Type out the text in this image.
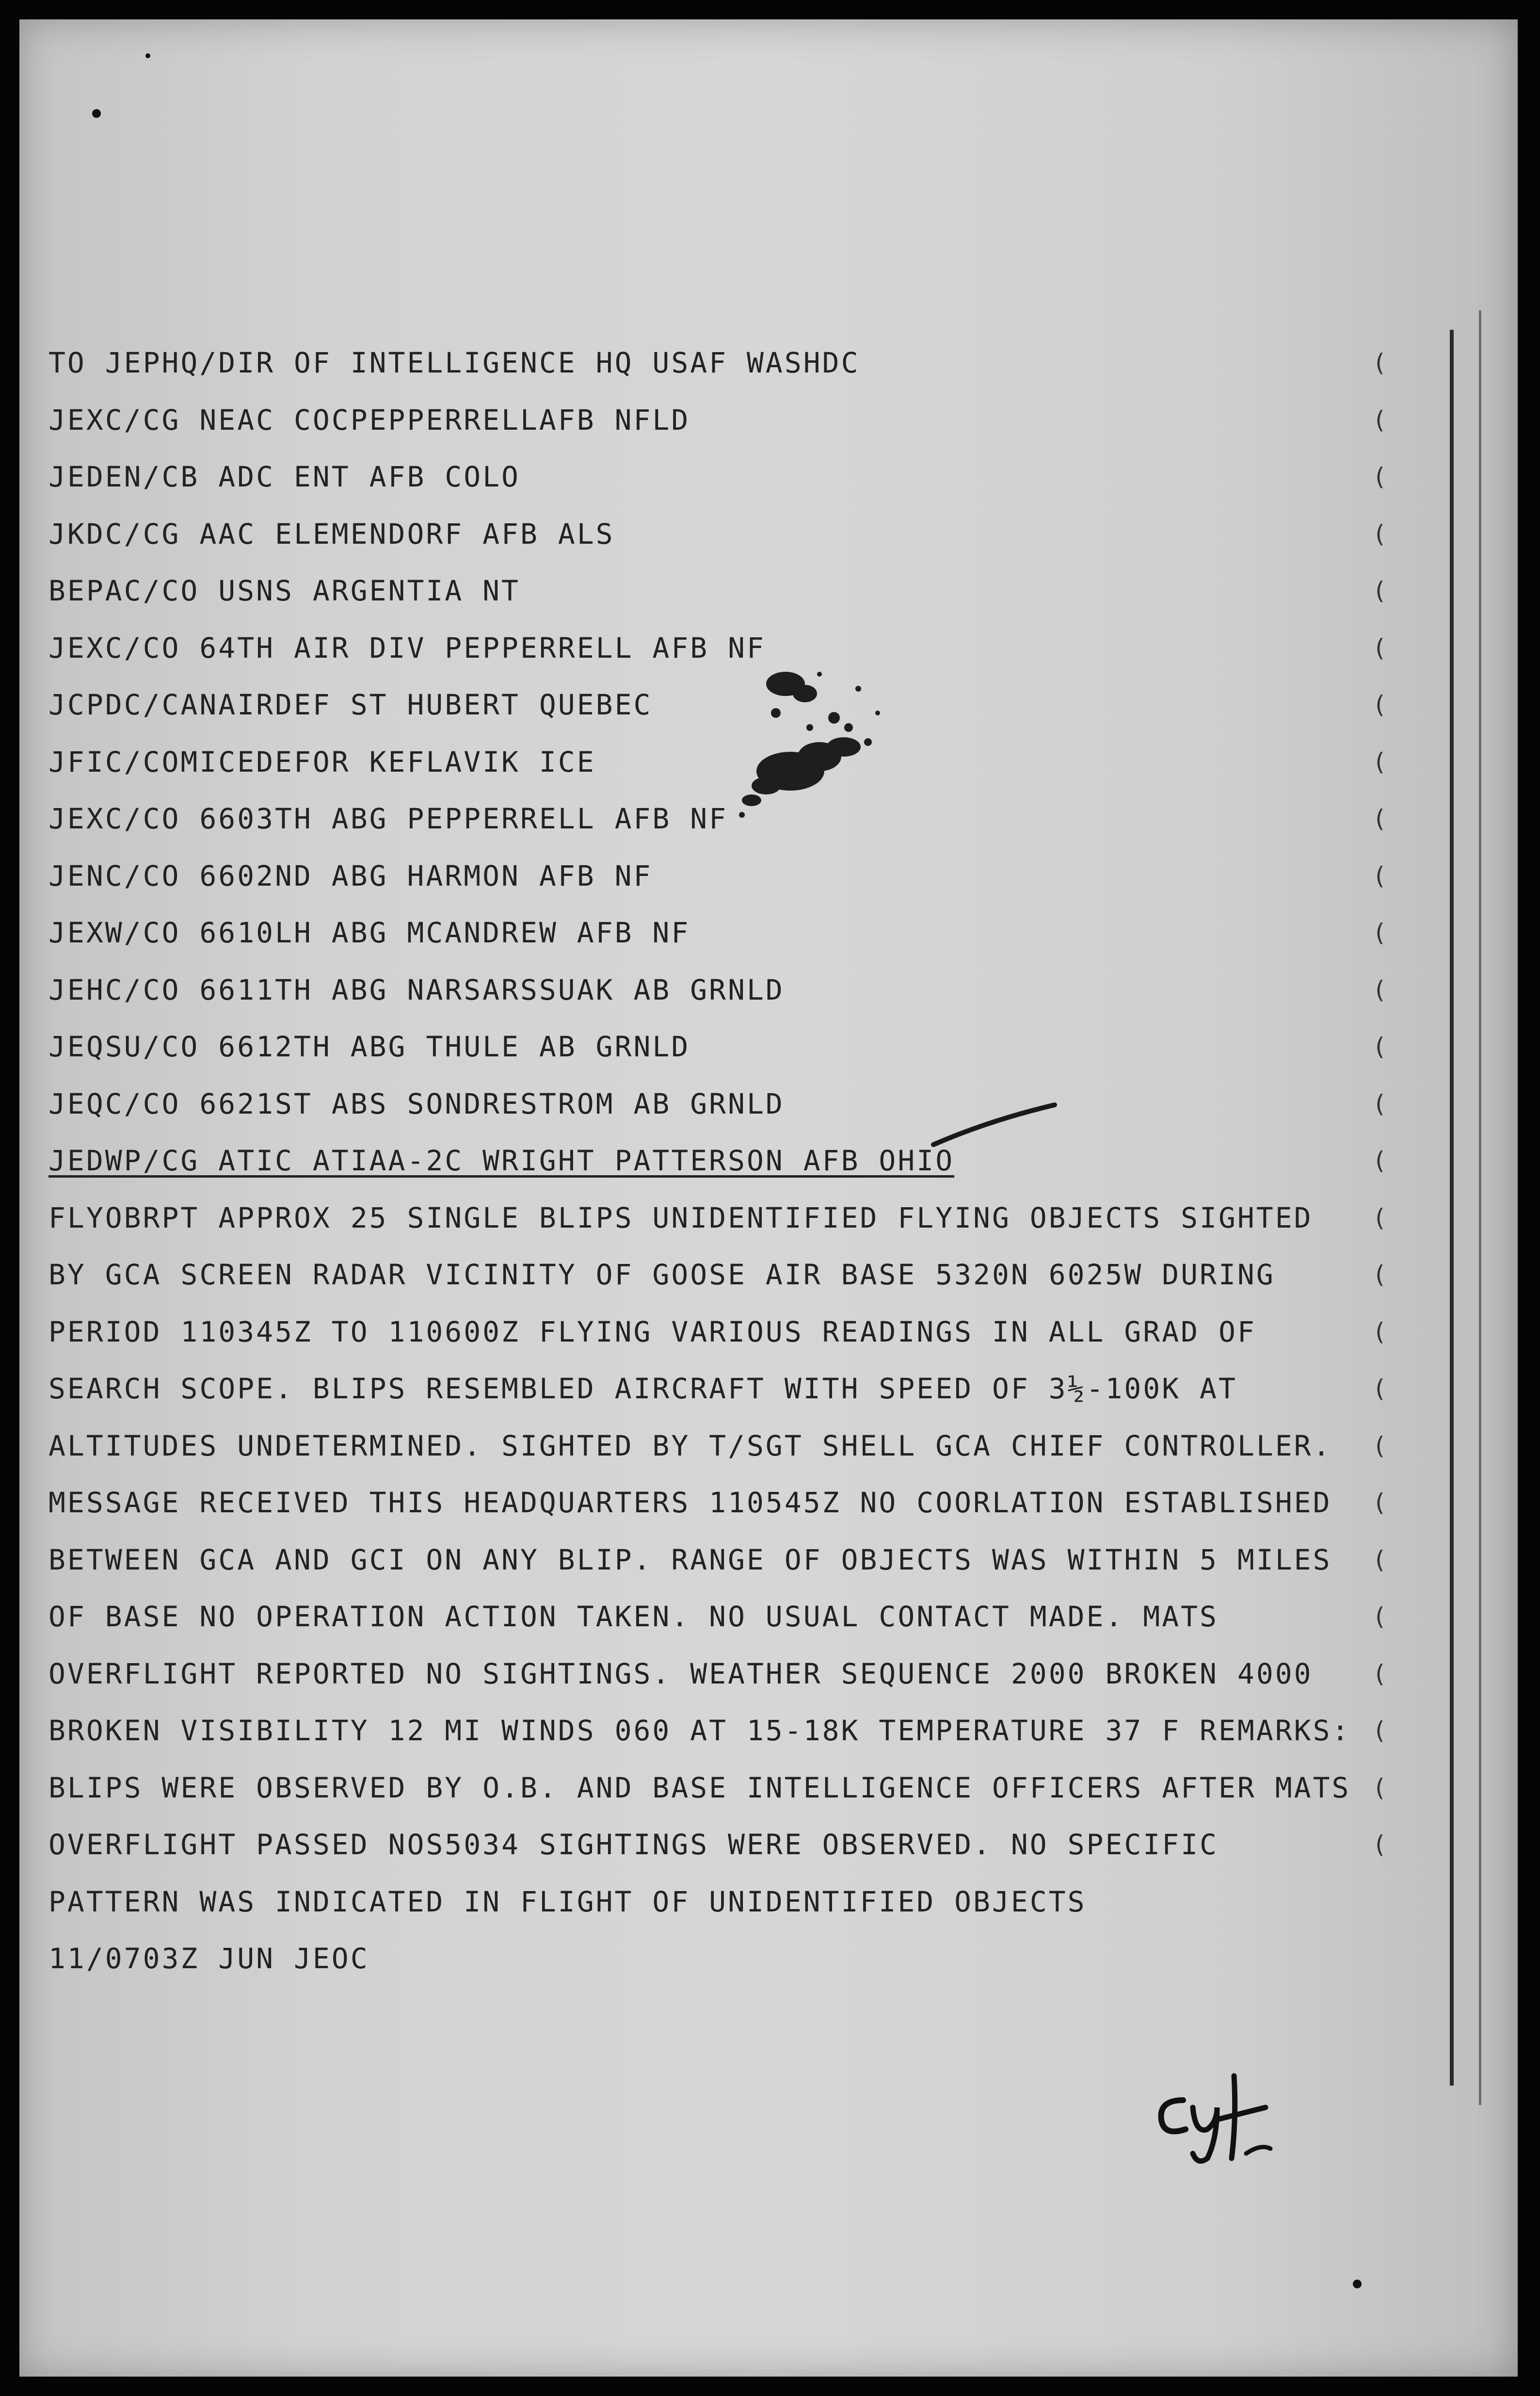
TO JEPHQ/DIR OF INTELLIGENCE HQ USAF WASHDC
JEXC/CG NEAC COCPEPPERRELLAFB NFLD
JEDEN/CB ADC ENT AFB COLO
JKDC/CG AAC ELEMENDORF AFB ALS
BEPAC/CO USNS ARGENTIA NT
JEXC/CO 64TH AIR DIV PEPPERRELL AFB NF
JCPDC/CANAIRDEF ST HUBERT QUEBEC
JFIC/COMICEDEFOR KEFLAVIK ICE
JEXC/CO 6603TH ABG PEPPERRELL AFB NF
JENC/CO 6602ND ABG HARMON AFB NF
JEXW/CO 6610LH ABG MCANDREW AFB NF
JEHC/CO 6611TH ABG NARSARSSUAK AB GRNLD
JEQSU/CO 6612TH ABG THULE AB GRNLD
JEQC/CO 6621ST ABS SONDRESTROM AB GRNLD
JEDWP/CG ATIC ATIAA-2C WRIGHT PATTERSON AFB OHIO
FLYOBRPT APPROX 25 SINGLE BLIPS UNIDENTIFIED FLYING OBJECTS SIGHTED
BY GCA SCREEN RADAR VICINITY OF GOOSE AIR BASE 5320N 6025W DURING
PERIOD 110345Z TO 110600Z FLYING VARIOUS READINGS IN ALL GRAD OF
SEARCH SCOPE. BLIPS RESEMBLED AIRCRAFT WITH SPEED OF 3½-100K AT
ALTITUDES UNDETERMINED. SIGHTED BY T/SGT SHELL GCA CHIEF CONTROLLER.
MESSAGE RECEIVED THIS HEADQUARTERS 110545Z NO COORLATION ESTABLISHED
BETWEEN GCA AND GCI ON ANY BLIP. RANGE OF OBJECTS WAS WITHIN 5 MILES
OF BASE NO OPERATION ACTION TAKEN. NO USUAL CONTACT MADE. MATS
OVERFLIGHT REPORTED NO SIGHTINGS. WEATHER SEQUENCE 2000 BROKEN 4000
BROKEN VISIBILITY 12 MI WINDS 060 AT 15-18K TEMPERATURE 37 F REMARKS:
BLIPS WERE OBSERVED BY O.B. AND BASE INTELLIGENCE OFFICERS AFTER MATS
OVERFLIGHT PASSED NOS5034 SIGHTINGS WERE OBSERVED. NO SPECIFIC
PATTERN WAS INDICATED IN FLIGHT OF UNIDENTIFIED OBJECTS
11/0703Z JUN JEOC
(
(
(
(
(
(
(
(
(
(
(
(
(
(
(
(
(
(
(
(
(
(
(
(
(
(
(
